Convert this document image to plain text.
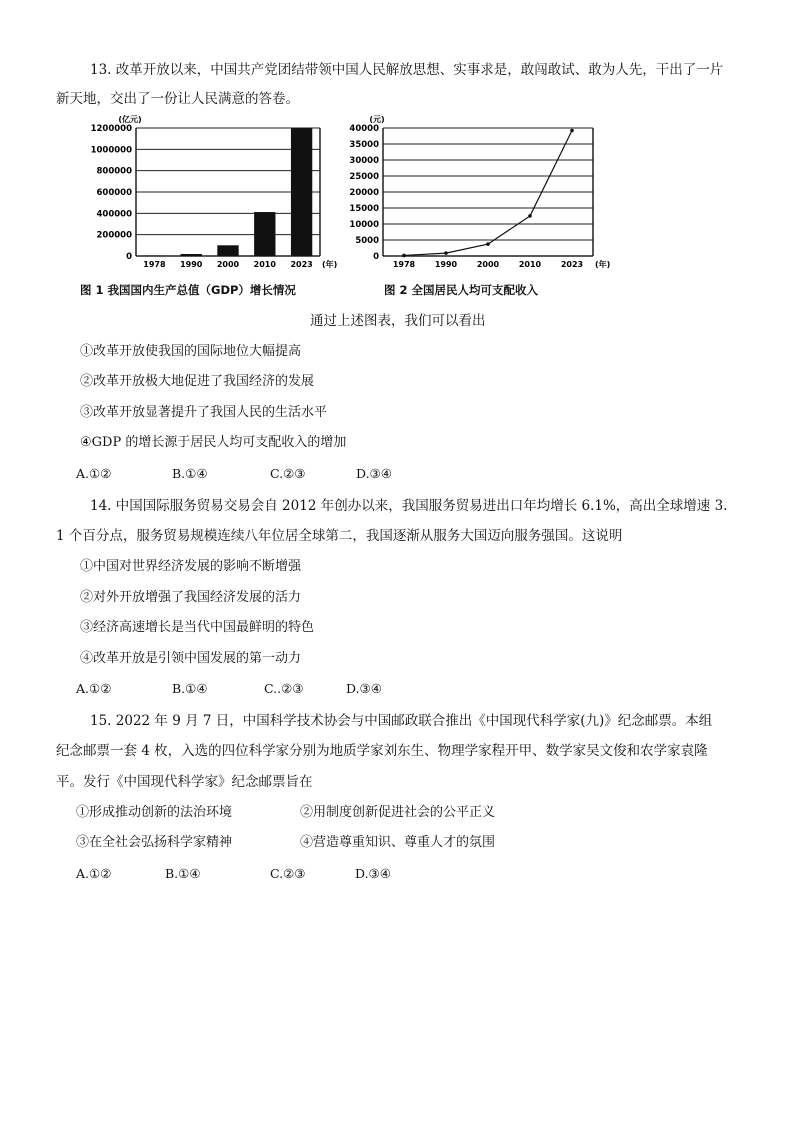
13. 改革开放以来，中国共产党团结带领中国人民解放思想、实事求是，敢闯敢试、敢为人先，干出了一片
新天地，交出了一份让人民满意的答卷。
(亿元)
0
200000
400000
600000
800000
1000000
1200000
1978 1990 2000 2010 2023 (年)
(元)
0
5000
10000
15000
20000
25000
30000
35000
40000
1978 1990 2000 2010 2023 (年)
图 1 我国国内生产总值（GDP）增长情况	图 2 全国居民人均可支配收入
通过上述图表，我们可以看出
①改革开放使我国的国际地位大幅提高
②改革开放极大地促进了我国经济的发展
③改革开放显著提升了我国人民的生活水平
④GDP 的增长源于居民人均可支配收入的增加
A.①②	B.①④	C.②③	D.③④
14. 中国国际服务贸易交易会自 2012 年创办以来，我国服务贸易进出口年均增长 6.1%，高出全球增速 3.
1 个百分点，服务贸易规模连续八年位居全球第二，我国逐渐从服务大国迈向服务强国。这说明
①中国对世界经济发展的影响不断增强
②对外开放增强了我国经济发展的活力
③经济高速增长是当代中国最鲜明的特色
④改革开放是引领中国发展的第一动力
A.①②	B.①④	C..②③	D.③④
15. 2022 年 9 月 7 日，中国科学技术协会与中国邮政联合推出《中国现代科学家(九)》纪念邮票。本组
纪念邮票一套 4 枚，入选的四位科学家分别为地质学家刘东生、物理学家程开甲、数学家吴文俊和农学家袁隆
平。发行《中国现代科学家》纪念邮票旨在
①形成推动创新的法治环境	②用制度创新促进社会的公平正义
③在全社会弘扬科学家精神	④营造尊重知识、尊重人才的氛围
A.①②	B.①④	C.②③	D.③④
